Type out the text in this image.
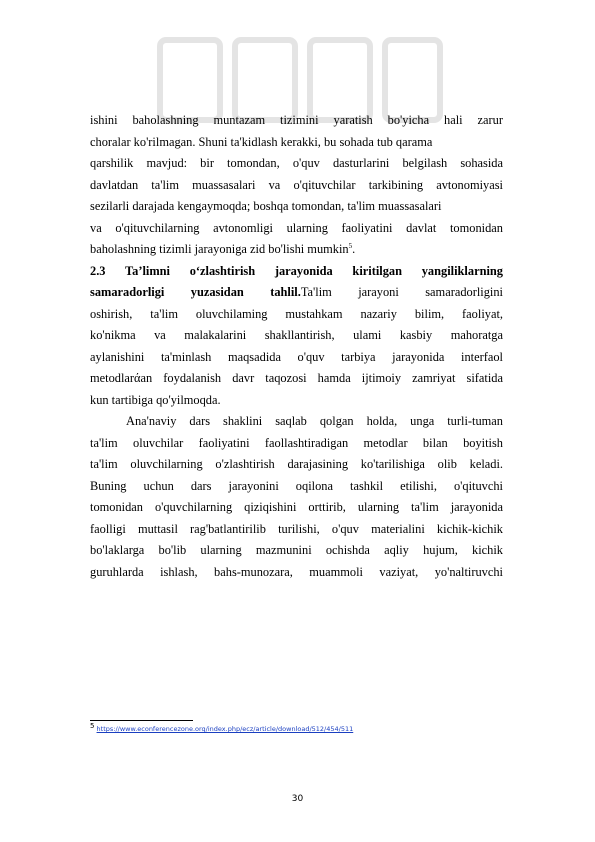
ishini baholashning muntazam tizimini yaratish bo'yicha hali zarur
choralar ko'rilmagan. Shuni ta'kidlash kerakki, bu sohada tub qarama
qarshilik mavjud: bir tomondan, o'quv dasturlarini belgilash sohasida
davlatdan ta'lim muassasalari va o'qituvchilar tarkibining avtonomiyasi
sezilarli darajada kengaymoqda; boshqa tomondan, ta'lim muassasalari
va o'qituvchilarning avtonomligi ularning faoliyatini davlat tomonidan
baholashning tizimli jarayoniga zid bo'lishi mumkin$^5$.
2.3 Ta’limni o‘zlashtirish jarayonida kiritilgan yangiliklarning
samaradorligi yuzasidan tahlil.Ta'lim jarayoni samaradorligini
oshirish, ta'lim oluvchilaming mustahkam nazariy bilim, faoliyat,
ko'nikma va malakalarini shakllantirish, ulami kasbiy mahoratga
aylanishini ta'minlash maqsadida o'quv tarbiya jarayonida interfaol
metodlarάan foydalanish davr taqozosi hamda ijtimoiy zamriyat sifatida
kun tartibiga qo'yilmoqda.
Ana'naviy dars shaklini saqlab qolgan holda, unga turli-tuman
ta'lim oluvchilar faoliyatini faollashtiradigan metodlar bilan boyitish
ta'lim oluvchilarning o'zlashtirish darajasining ko'tarilishiga olib keladi.
Buning uchun dars jarayonini oqilona tashkil etilishi, o'qituvchi
tomonidan o'quvchilarning qiziqishini orttirib, ularning ta'lim jarayonida
faolligi muttasil rag'batlantirilib turilishi, o'quv materialini kichik-kichik
bo'laklarga bo'lib ularning mazmunini ochishda aqliy hujum, kichik
guruhlarda ishlash, bahs-munozara, muammoli vaziyat, yo'naltiruvchi
$^5$ https://www.econferencezone.org/index.php/ecz/article/download/512/454/511
30
